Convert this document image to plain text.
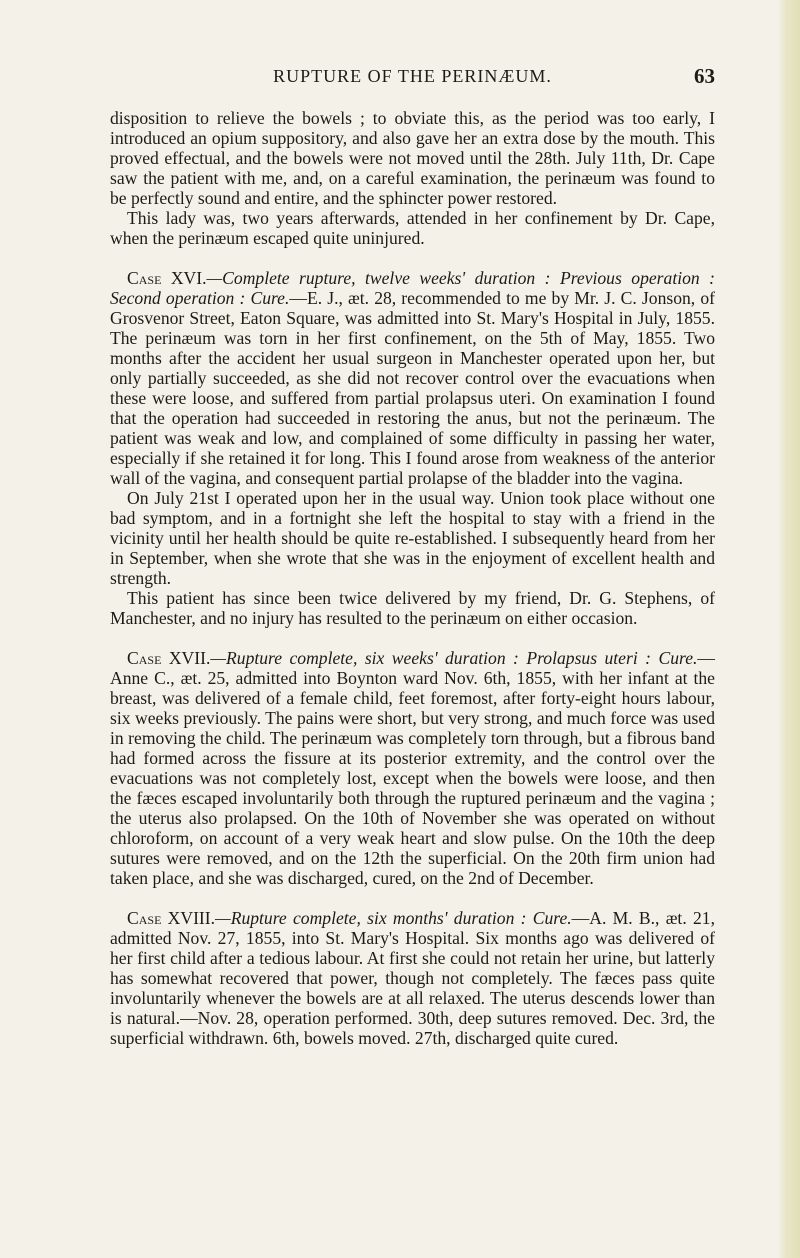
RUPTURE OF THE PERINÆUM.	63

disposition to relieve the bowels ; to obviate this, as the period was too early, I introduced an opium suppository, and also gave her an extra dose by the mouth. This proved effectual, and the bowels were not moved until the 28th. July 11th, Dr. Cape saw the patient with me, and, on a careful examination, the perinæum was found to be perfectly sound and entire, and the sphincter power restored.

This lady was, two years afterwards, attended in her confinement by Dr. Cape, when the perinæum escaped quite uninjured.

Case XVI.—Complete rupture, twelve weeks' duration : Previous operation : Second operation : Cure.—E. J., æt. 28, recommended to me by Mr. J. C. Jonson, of Grosvenor Street, Eaton Square, was admitted into St. Mary's Hospital in July, 1855. The perinæum was torn in her first confinement, on the 5th of May, 1855. Two months after the accident her usual surgeon in Manchester operated upon her, but only partially succeeded, as she did not recover control over the evacuations when these were loose, and suffered from partial prolapsus uteri. On examination I found that the operation had succeeded in restoring the anus, but not the perinæum. The patient was weak and low, and complained of some difficulty in passing her water, especially if she retained it for long. This I found arose from weakness of the anterior wall of the vagina, and consequent partial prolapse of the bladder into the vagina.

On July 21st I operated upon her in the usual way. Union took place without one bad symptom, and in a fortnight she left the hospital to stay with a friend in the vicinity until her health should be quite re-established. I subsequently heard from her in September, when she wrote that she was in the enjoyment of excellent health and strength.

This patient has since been twice delivered by my friend, Dr. G. Stephens, of Manchester, and no injury has resulted to the perinæum on either occasion.

Case XVII.—Rupture complete, six weeks' duration : Prolapsus uteri : Cure.—Anne C., æt. 25, admitted into Boynton ward Nov. 6th, 1855, with her infant at the breast, was delivered of a female child, feet foremost, after forty-eight hours labour, six weeks previously. The pains were short, but very strong, and much force was used in removing the child. The perinæum was completely torn through, but a fibrous band had formed across the fissure at its posterior extremity, and the control over the evacuations was not completely lost, except when the bowels were loose, and then the fæces escaped involuntarily both through the ruptured perinæum and the vagina ; the uterus also prolapsed. On the 10th of November she was operated on without chloroform, on account of a very weak heart and slow pulse. On the 10th the deep sutures were removed, and on the 12th the superficial. On the 20th firm union had taken place, and she was discharged, cured, on the 2nd of December.

Case XVIII.—Rupture complete, six months' duration : Cure.—A. M. B., æt. 21, admitted Nov. 27, 1855, into St. Mary's Hospital. Six months ago was delivered of her first child after a tedious labour. At first she could not retain her urine, but latterly has somewhat recovered that power, though not completely. The fæces pass quite involuntarily whenever the bowels are at all relaxed. The uterus descends lower than is natural.—Nov. 28, operation performed. 30th, deep sutures removed. Dec. 3rd, the superficial withdrawn. 6th, bowels moved. 27th, discharged quite cured.
